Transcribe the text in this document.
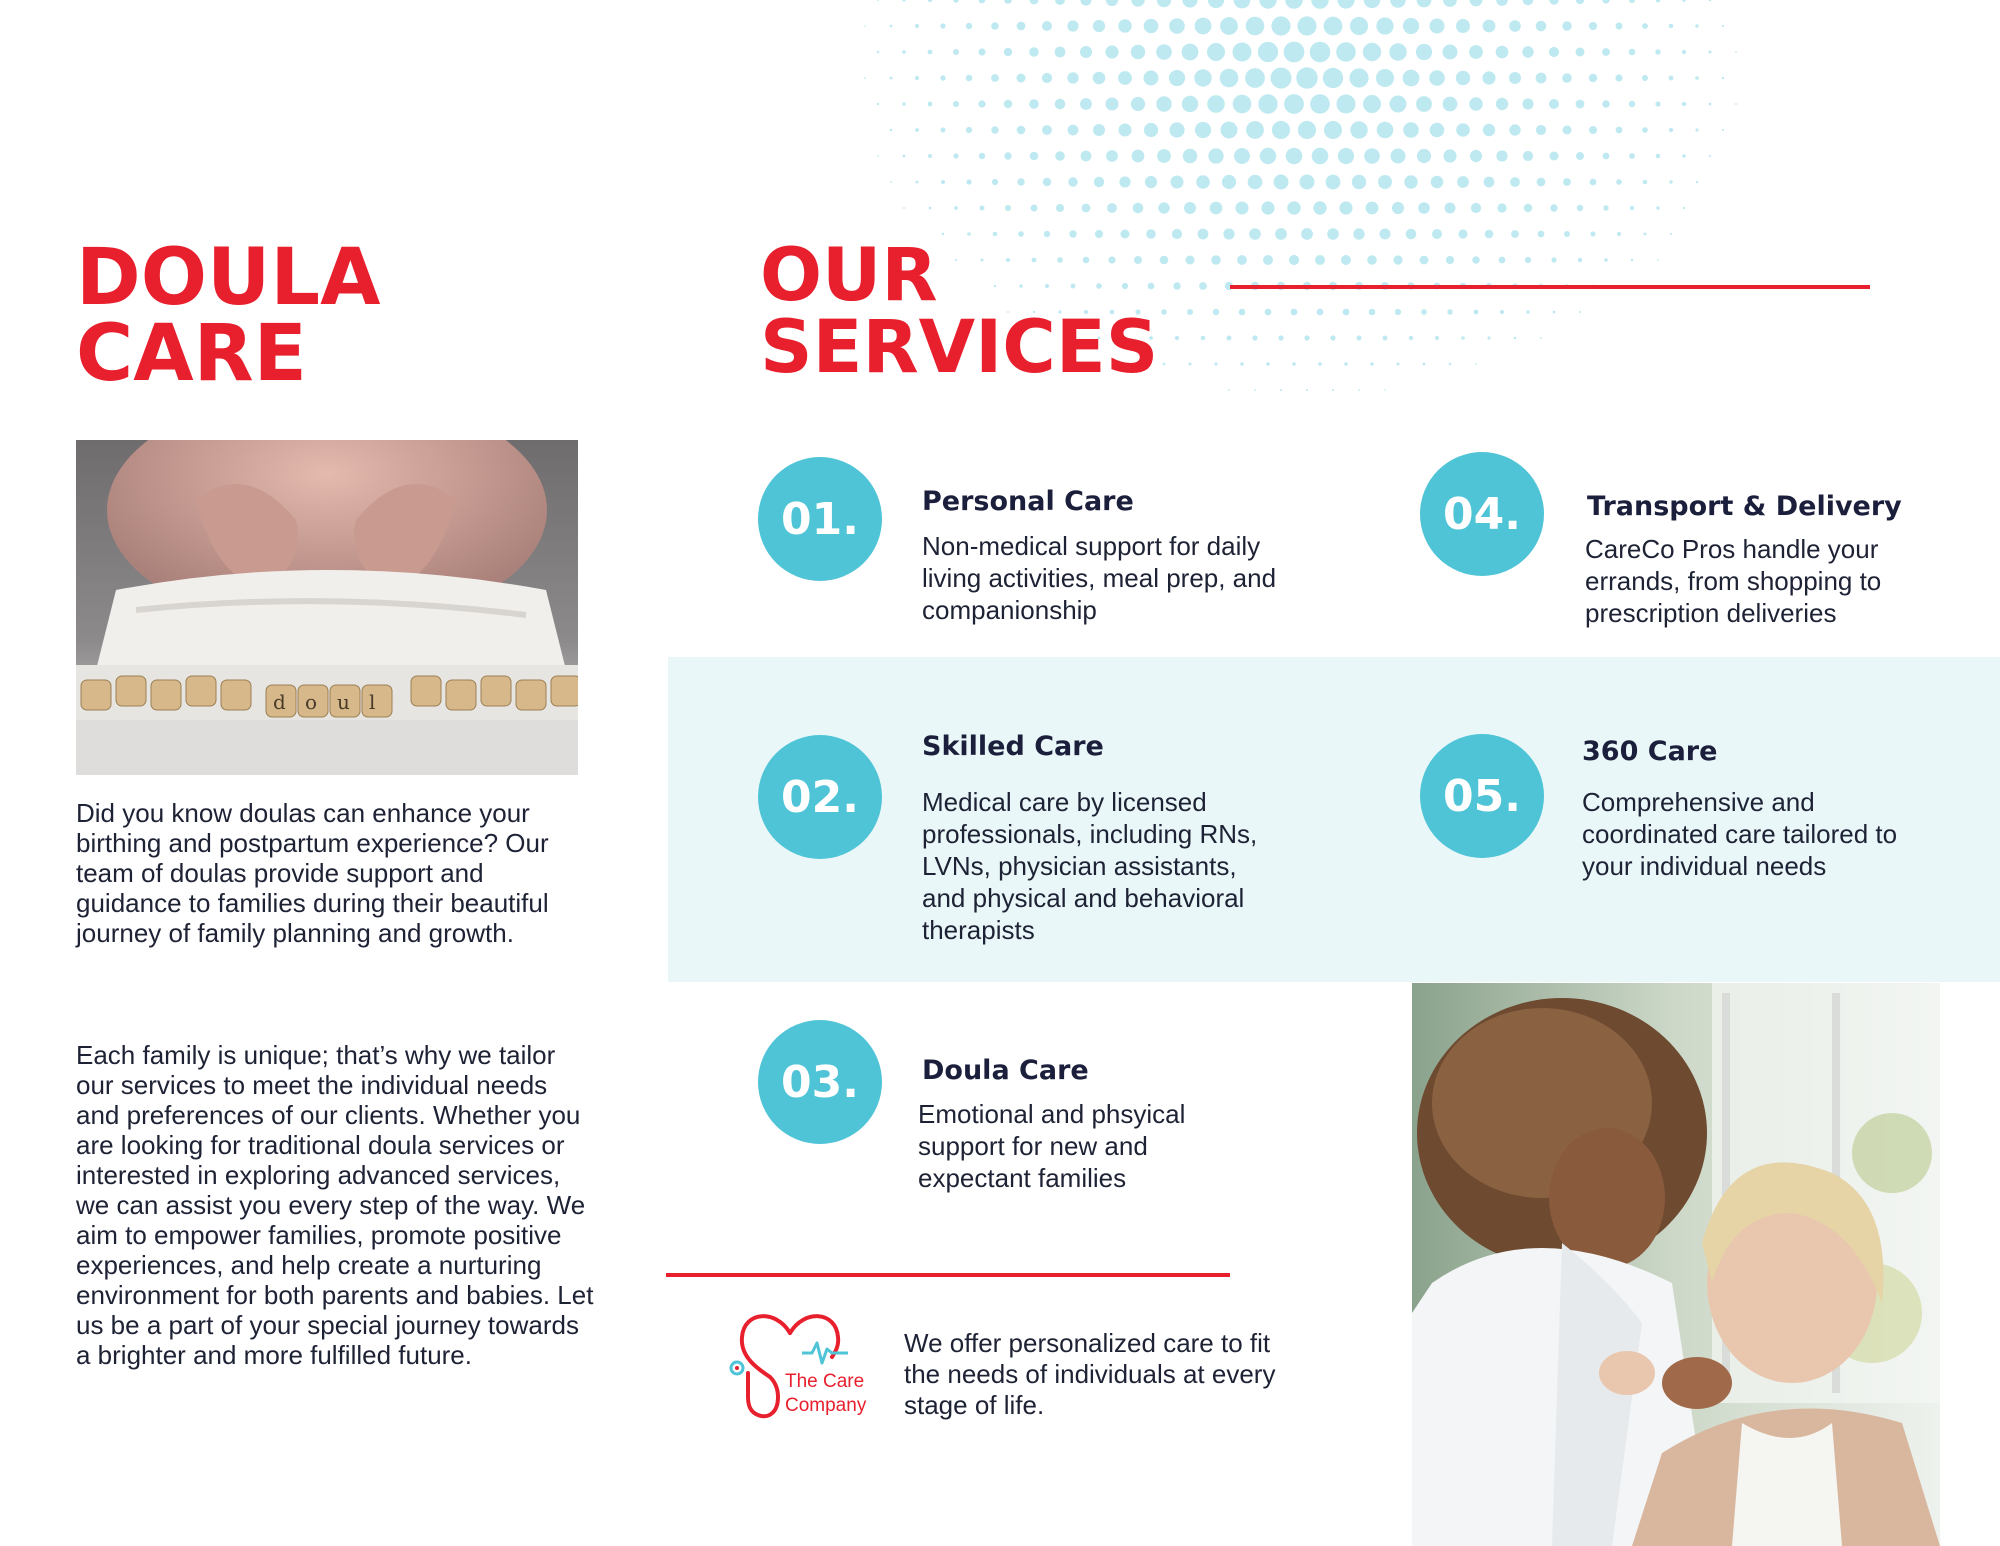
DOULA
CARE
d o u l

Did you know doulas can enhance your birthing and postpartum experience? Our team of doulas provide support and guidance to families during their beautiful journey of family planning and growth.

Each family is unique; that’s why we tailor our services to meet the individual needs and preferences of our clients. Whether you are looking for traditional doula services or interested in exploring advanced services, we can assist you every step of the way. We aim to empower families, promote positive experiences, and help create a nurturing environment for both parents and babies. Let us be a part of your special journey towards a brighter and more fulfilled future.

OUR
SERVICES
01.	Personal Care
Non-medical support for daily living activities, meal prep, and companionship
02.
Skilled Care
Medical care by licensed professionals, including RNs, LVNs, physician assistants, and physical and behavioral therapists
03.	Doula Care
Emotional and phsyical support for new and expectant families
04.	Transport & Delivery
CareCo Pros handle your errands, from shopping to prescription deliveries
05.
360 Care
Comprehensive and coordinated care tailored to your individual needs
The Care
Company

We offer personalized care to fit the needs of individuals at every stage of life.
